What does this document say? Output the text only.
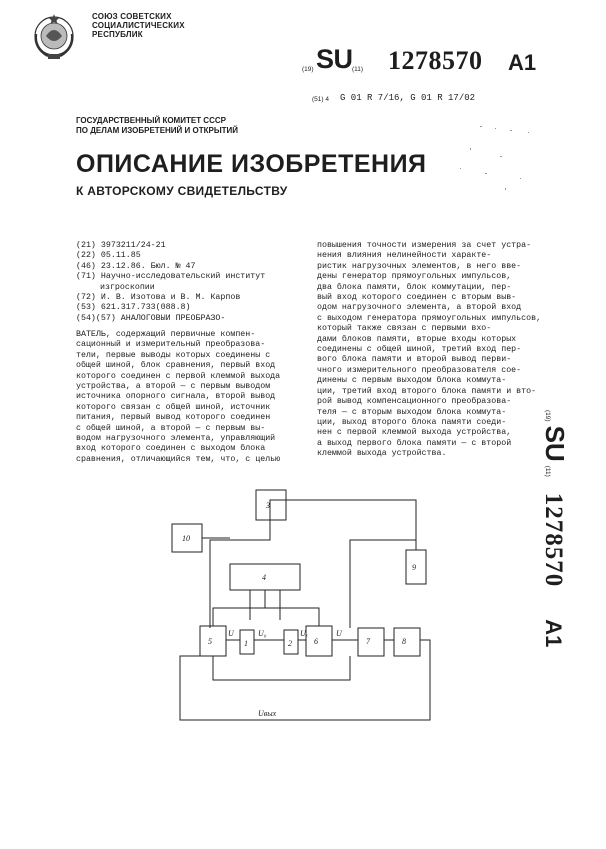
СОЮЗ СОВЕТСКИХ
СОЦИАЛИСТИЧЕСКИХ
РЕСПУБЛИК
(19) SU (11) 1278570 A1
(51) 4 G 01 R 7/16, G 01 R 17/02
ГОСУДАРСТВЕННЫЙ КОМИТЕТ СССР
ПО ДЕЛАМ ИЗОБРЕТЕНИЙ И ОТКРЫТИЙ
ОПИСАНИЕ ИЗОБРЕТЕНИЯ
К АВТОРСКОМУ СВИДЕТЕЛЬСТВУ
(21) 3973211/24-21
(22) 05.11.85
(46) 23.12.86. Бюл. № 47
(71) Научно-исследовательский институт
изгроскопии
(72) И. В. Изотова и В. М. Карпов
(53) 621.317.733(088.8)
(54)(57) АНАЛОГОВЫЙ ПРЕОБРАЗО-
ВАТЕЛЬ, содержащий первичные компен-
сационный и измерительный преобразова-
тели, первые выводы которых соединены с
общей шиной, блок сравнения, первый вход
которого соединен с первой клеммой выхода
устройства, а второй — с первым выводом
источника опорного сигнала, второй вывод
которого связан с общей шиной, источник
питания, первый вывод которого соединен
с общей шиной, а второй — с первым вы-
водом нагрузочного элемента, управляющий
вход которого соединен с выходом блока
сравнения, отличающийся тем, что, с целью
повышения точности измерения за счет устра-
нения влияния нелинейности характе-
ристик нагрузочных элементов, в него вве-
дены генератор прямоугольных импульсов,
два блока памяти, блок коммутации, пер-
вый вход которого соединен с вторым выв-
одом нагрузочного элемента, а второй вход
с выходом генератора прямоугольных импульсов,
который также связан с первыми вхо-
дами блоков памяти, вторые входы которых
соединены с общей шиной, третий вход пер-
вого блока памяти и второй вывод перви-
чного измерительного преобразователя сое-
динены с первым выходом блока коммута-
ции, третий вход второго блока памяти и вто-
рой вывод компенсационного преобразова-
теля — с вторым выходом блока коммута-
ции, выход второго блока памяти соеди-
нен с первой клеммой выхода устройства,
а выход первого блока памяти — с второй
клеммой выхода устройства.
(19) SU (11) 1278570 A1
3
10
4
9
5	1	2	6	7	8
U	U₀	Uₓ	U
Uвых
